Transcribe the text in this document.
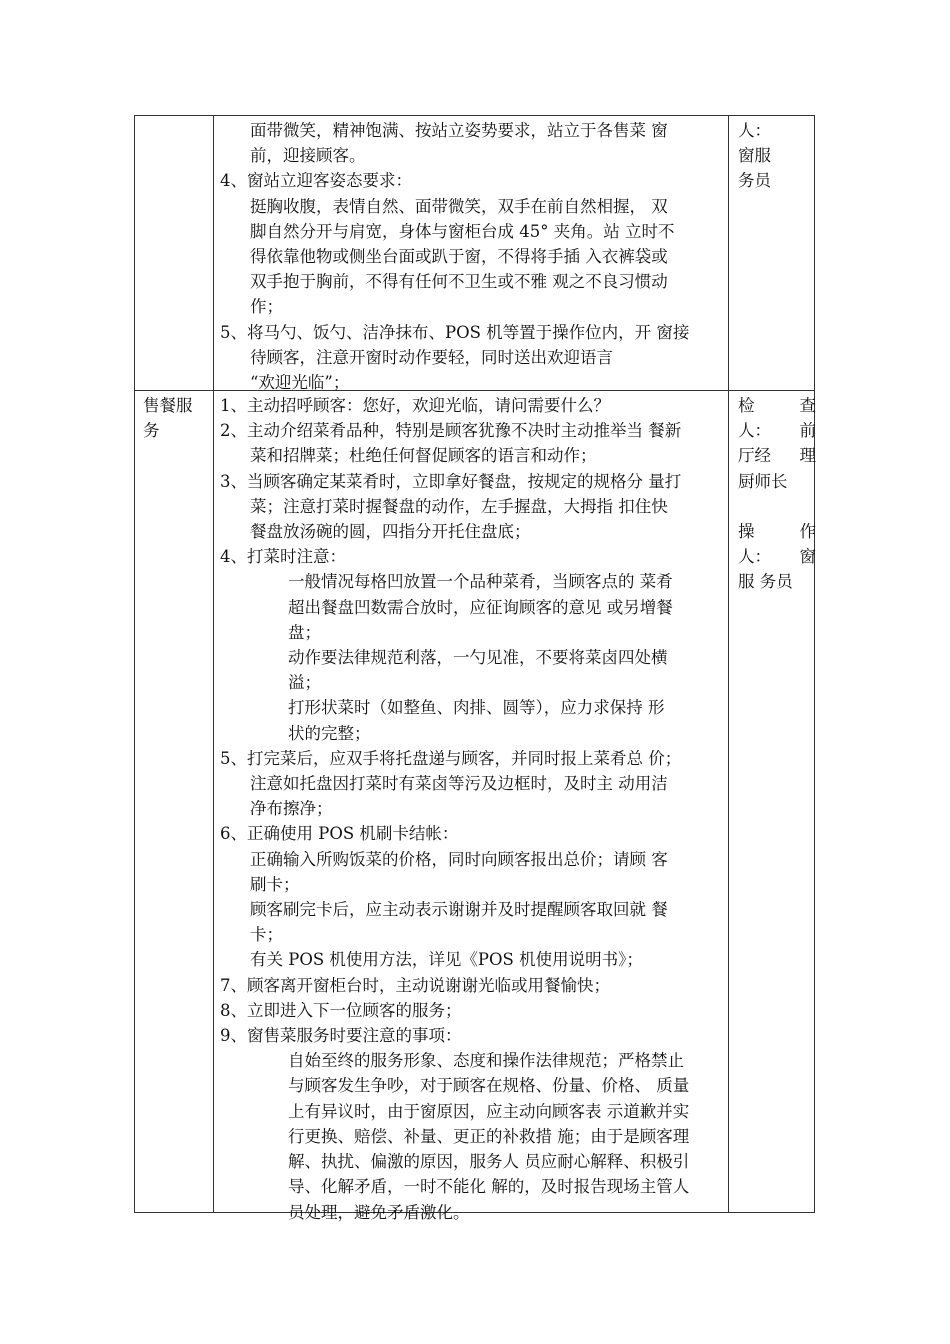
面带微笑，精神饱满、按站立姿势要求，站立于各售菜 窗
前，迎接顾客。
4、窗站立迎客姿态要求：
挺胸收腹，表情自然、面带微笑，双手在前自然相握， 双
脚自然分开与肩宽，身体与窗柜台成 45° 夹角。站 立时不
得依靠他物或侧坐台面或趴于窗，不得将手插 入衣裤袋或
双手抱于胸前，不得有任何不卫生或不雅 观之不良习惯动
作；
5、将马勺、饭勺、洁净抹布、POS 机等置于操作位内，开 窗接
待顾客，注意开窗时动作要轻，同时送出欢迎语言
“欢迎光临”；
人：
窗服
务员
售餐服
务
1、主动招呼顾客：您好，欢迎光临，请问需要什么？
2、主动介绍菜肴品种，特别是顾客犹豫不决时主动推举当 餐新
菜和招牌菜；杜绝任何督促顾客的语言和动作；
3、当顾客确定某菜肴时，立即拿好餐盘，按规定的规格分 量打
菜；注意打菜时握餐盘的动作，左手握盘，大拇指 扣住快
餐盘放汤碗的圆，四指分开托住盘底；
4、打菜时注意：
一般情况每格凹放置一个品种菜肴，当顾客点的 菜肴
超出餐盘凹数需合放时，应征询顾客的意见 或另增餐
盘；
动作要法律规范利落，一勺见准，不要将菜卤四处横
溢；
打形状菜时（如整鱼、肉排、圆等），应力求保持 形
状的完整；
5、打完菜后，应双手将托盘递与顾客，并同时报上菜肴总 价；
注意如托盘因打菜时有菜卤等污及边框时，及时主 动用洁
净布擦净；
6、正确使用 POS 机刷卡结帐：
正确输入所购饭菜的价格，同时向顾客报出总价；请顾 客
刷卡；
顾客刷完卡后，应主动表示谢谢并及时提醒顾客取回就 餐
卡；
有关 POS 机使用方法，详见《POS 机使用说明书》；
7、顾客离开窗柜台时，主动说谢谢光临或用餐愉快；
8、立即进入下一位顾客的服务；
9、窗售菜服务时要注意的事项：
自始至终的服务形象、态度和操作法律规范；严格禁止
与顾客发生争吵，对于顾客在规格、份量、价格、 质量
上有异议时，由于窗原因，应主动向顾客表 示道歉并实
行更换、赔偿、补量、更正的补救措 施；由于是顾客理
解、执扰、偏激的原因，服务人 员应耐心解释、积极引
导、化解矛盾，一时不能化 解的，及时报告现场主管人
员处理，避免矛盾激化。
检	查
人： 前
厅经 理
厨师长
操	作
人： 窗
服 务员
